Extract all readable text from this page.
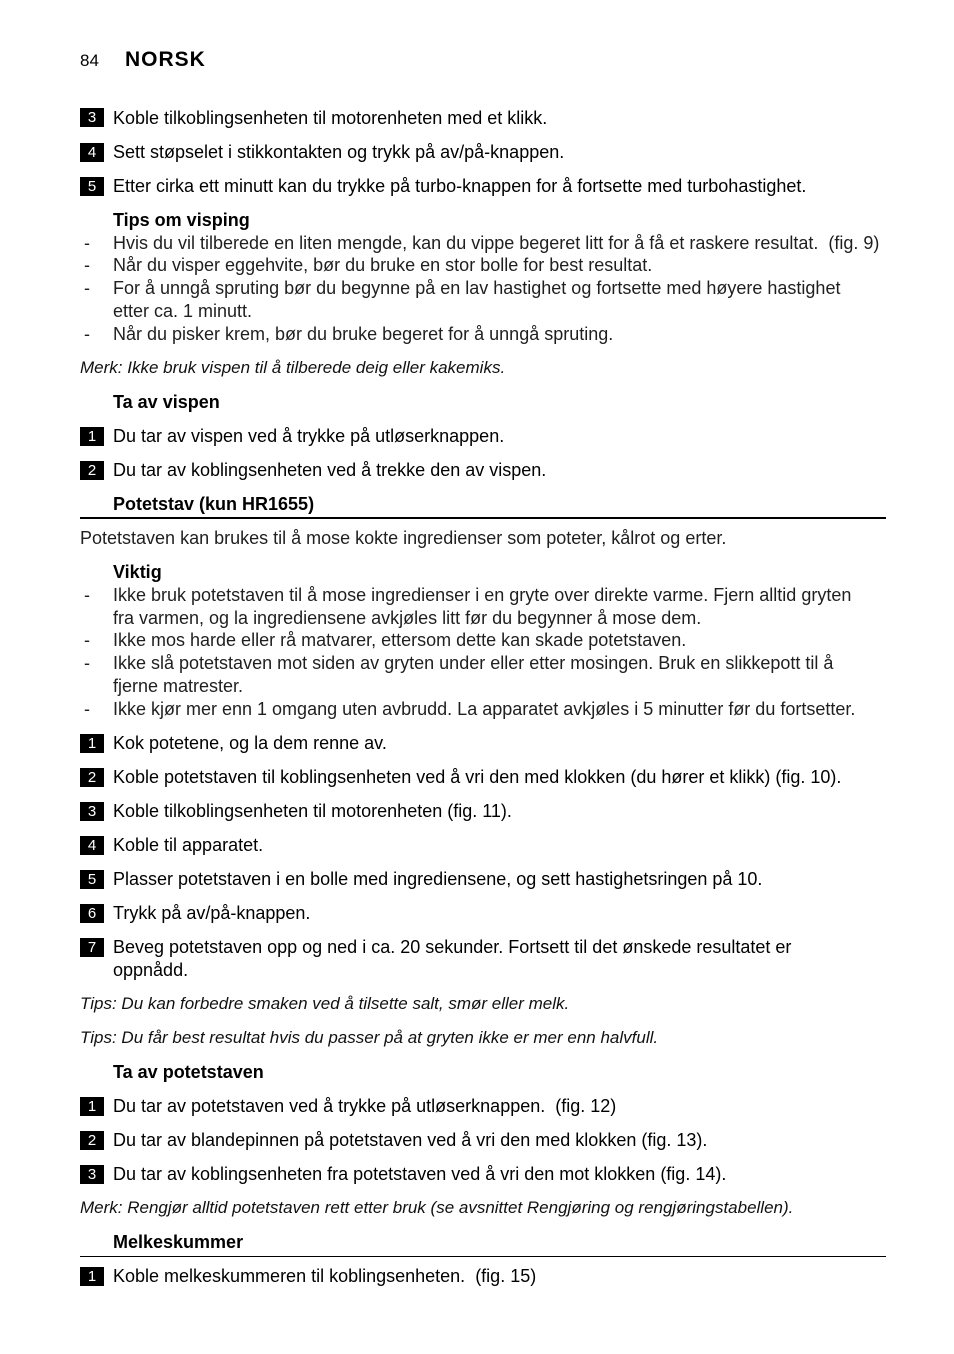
84	NORSK
3 Koble tilkoblingsenheten til motorenheten med et klikk.
4 Sett støpselet i stikkontakten og trykk på av/på-knappen.
5 Etter cirka ett minutt kan du trykke på turbo-knappen for å fortsette med turbohastighet.
Tips om visping
- Hvis du vil tilberede en liten mengde, kan du vippe begeret litt for å få et raskere resultat.  (fig. 9)
- Når du visper eggehvite, bør du bruke en stor bolle for best resultat.
- For å unngå spruting bør du begynne på en lav hastighet og fortsette med høyere hastighet
etter ca. 1 minutt.
- Når du pisker krem, bør du bruke begeret for å unngå spruting.
Merk: Ikke bruk vispen til å tilberede deig eller kakemiks.
Ta av vispen
1 Du tar av vispen ved å trykke på utløserknappen.
2 Du tar av koblingsenheten ved å trekke den av vispen.
Potetstav (kun HR1655)
Potetstaven kan brukes til å mose kokte ingredienser som poteter, kålrot og erter.
Viktig
- Ikke bruk potetstaven til å mose ingredienser i en gryte over direkte varme. Fjern alltid gryten
fra varmen, og la ingrediensene avkjøles litt før du begynner å mose dem.
- Ikke mos harde eller rå matvarer, ettersom dette kan skade potetstaven.
- Ikke slå potetstaven mot siden av gryten under eller etter mosingen. Bruk en slikkepott til å
fjerne matrester.
- Ikke kjør mer enn 1 omgang uten avbrudd. La apparatet avkjøles i 5 minutter før du fortsetter.
1 Kok potetene, og la dem renne av.
2 Koble potetstaven til koblingsenheten ved å vri den med klokken (du hører et klikk) (fig. 10).
3 Koble tilkoblingsenheten til motorenheten (fig. 11).
4 Koble til apparatet.
5 Plasser potetstaven i en bolle med ingrediensene, og sett hastighetsringen på 10.
6 Trykk på av/på-knappen.
7 Beveg potetstaven opp og ned i ca. 20 sekunder. Fortsett til det ønskede resultatet er
oppnådd.
Tips: Du kan forbedre smaken ved å tilsette salt, smør eller melk.
Tips: Du får best resultat hvis du passer på at gryten ikke er mer enn halvfull.
Ta av potetstaven
1 Du tar av potetstaven ved å trykke på utløserknappen.  (fig. 12)
2 Du tar av blandepinnen på potetstaven ved å vri den med klokken (fig. 13).
3 Du tar av koblingsenheten fra potetstaven ved å vri den mot klokken (fig. 14).
Merk: Rengjør alltid potetstaven rett etter bruk (se avsnittet Rengjøring og rengjøringstabellen).
Melkeskummer
1 Koble melkeskummeren til koblingsenheten.  (fig. 15)
